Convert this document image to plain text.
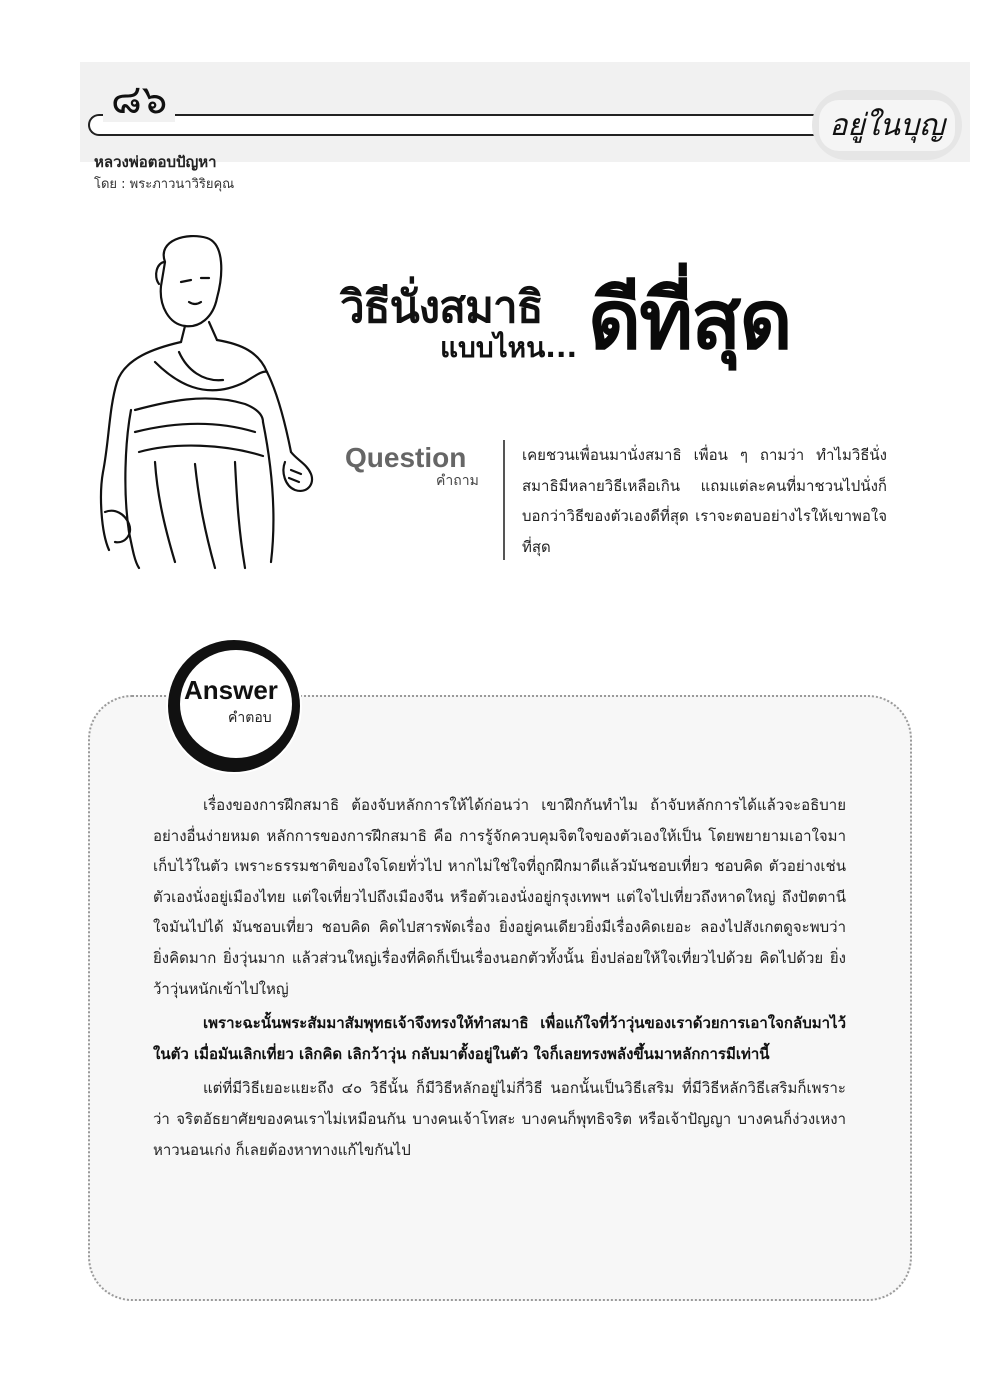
๘๖
อยู่ในบุญ
หลวงพ่อตอบปัญหา
โดย : พระภาวนาวิริยคุณ
วิธีนั่งสมาธิ
แบบไหน... ดีที่สุด
Question
คำถาม

เคยชวนเพื่อนมานั่งสมาธิ เพื่อน ๆ ถามว่า ทำไมวิธีนั่งสมาธิมีหลายวิธีเหลือเกิน แถมแต่ละคนที่มาชวนไปนั่งก็บอกว่าวิธีของตัวเองดีที่สุด เราจะตอบอย่างไรให้เขาพอใจที่สุด

Answer
คำตอบ

เรื่องของการฝึกสมาธิ ต้องจับหลักการให้ได้ก่อนว่า เขาฝึกกันทำไม ถ้าจับหลักการได้แล้วจะอธิบายอย่างอื่นง่ายหมด หลักการของการฝึกสมาธิ คือ การรู้จักควบคุมจิตใจของตัวเองให้เป็น โดยพยายามเอาใจมาเก็บไว้ในตัว เพราะธรรมชาติของใจโดยทั่วไป หากไม่ใช่ใจที่ถูกฝึกมาดีแล้วมันชอบเที่ยว ชอบคิด ตัวอย่างเช่น ตัวเองนั่งอยู่เมืองไทย แต่ใจเที่ยวไปถึงเมืองจีน หรือตัวเองนั่งอยู่กรุงเทพฯ แต่ใจไปเที่ยวถึงหาดใหญ่ ถึงปัตตานี ใจมันไปได้ มันชอบเที่ยว ชอบคิด คิดไปสารพัดเรื่อง ยิ่งอยู่คนเดียวยิ่งมีเรื่องคิดเยอะ ลองไปสังเกตดูจะพบว่า ยิ่งคิดมาก ยิ่งวุ่นมาก แล้วส่วนใหญ่เรื่องที่คิดก็เป็นเรื่องนอกตัวทั้งนั้น ยิ่งปล่อยให้ใจเที่ยวไปด้วย คิดไปด้วย ยิ่งว้าวุ่นหนักเข้าไปใหญ่

เพราะฉะนั้นพระสัมมาสัมพุทธเจ้าจึงทรงให้ทำสมาธิ เพื่อแก้ใจที่ว้าวุ่นของเราด้วยการเอาใจกลับมาไว้ในตัว เมื่อมันเลิกเที่ยว เลิกคิด เลิกว้าวุ่น กลับมาตั้งอยู่ในตัว ใจก็เลยทรงพลังขึ้นมาหลักการมีเท่านี้

แต่ที่มีวิธีเยอะแยะถึง ๔๐ วิธีนั้น ก็มีวิธีหลักอยู่ไม่กี่วิธี นอกนั้นเป็นวิธีเสริม ที่มีวิธีหลักวิธีเสริมก็เพราะว่า จริตอัธยาศัยของคนเราไม่เหมือนกัน บางคนเจ้าโทสะ บางคนก็พุทธิจริต หรือเจ้าปัญญา บางคนก็ง่วงเหงาหาวนอนเก่ง ก็เลยต้องหาทางแก้ไขกันไป
